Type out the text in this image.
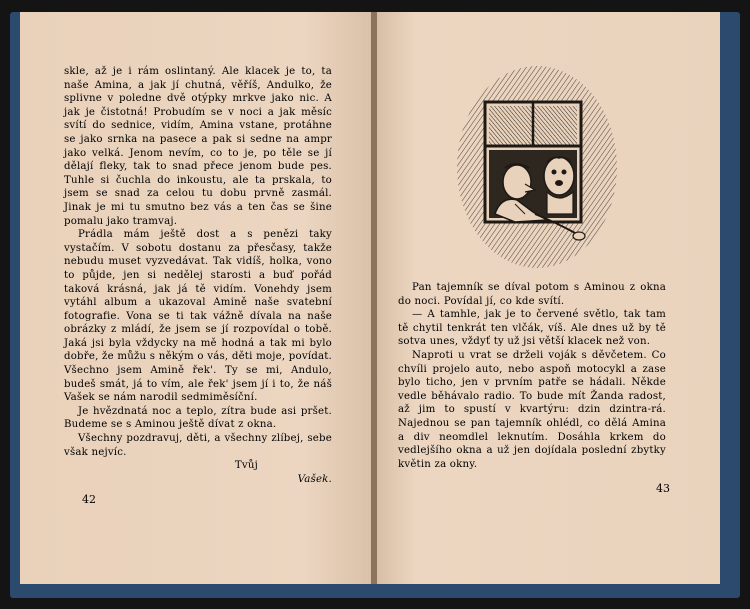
skle, až je i rám oslintaný. Ale klacek je to, ta naše Amina, a jak jí chutná, věříš, Andulko, že splivne v poledne dvě otýpky mrkve jako nic. A jak je čistotná! Probudím se v noci a jak měsíc svítí do sednice, vidím, Amina vstane, protáhne se jako srnka na pasece a pak si sedne na ampr jako velká. Jenom nevím, co to je, po těle se jí dělají fleky, tak to snad přece jenom bude pes. Tuhle si čuchla do inkoustu, ale ta prskala, to jsem se snad za celou tu dobu prvně zasmál. Jinak je mi tu smutno bez vás a ten čas se šine pomalu jako tramvaj.

Prádla mám ještě dost a s penězi taky vystačím. V sobotu dostanu za přesčasy, takže nebudu muset vyzvedávat. Tak vidíš, holka, vono to půjde, jen si nedělej starosti a buď pořád taková krásná, jak já tě vidím. Vonehdy jsem vytáhl album a ukazoval Amině naše svatební fotografie. Vona se ti tak vážně dívala na naše obrázky z mládí, že jsem se jí rozpovídal o tobě. Jaká jsi byla vždycky na mě hodná a tak mi bylo dobře, že můžu s někým o vás, děti moje, povídat. Všechno jsem Amině řek'. Ty se mi, Andulo, budeš smát, já to vím, ale řek' jsem jí i to, že náš Vašek se nám narodil sedmiměsíční.

Je hvězdnatá noc a teplo, zítra bude asi pršet. Budeme se s Aminou ještě dívat z okna.

Všechny pozdravuj, děti, a všechny zlíbej, sebe však nejvíc.

Tvůj

Vašek.

42

Pan tajemník se díval potom s Aminou z okna do noci. Povídal jí, co kde svítí.

— A tamhle, jak je to červené světlo, tak tam tě chytil tenkrát ten vlčák, víš. Ale dnes už by tě sotva unes, vždyť ty už jsi větší klacek než von.

Naproti u vrat se drželi voják s děvčetem. Co chvíli projelo auto, nebo aspoň motocykl a zase bylo ticho, jen v prvním patře se hádali. Někde vedle běhávalo radio. To bude mít Žanda radost, až jim to spustí v kvartýru: dzin dzintra-rá. Najednou se pan tajemník ohlédl, co dělá Amina a div neomdlel leknutím. Dosáhla krkem do vedlejšího okna a už jen dojídala poslední zbytky květin za okny.

43
